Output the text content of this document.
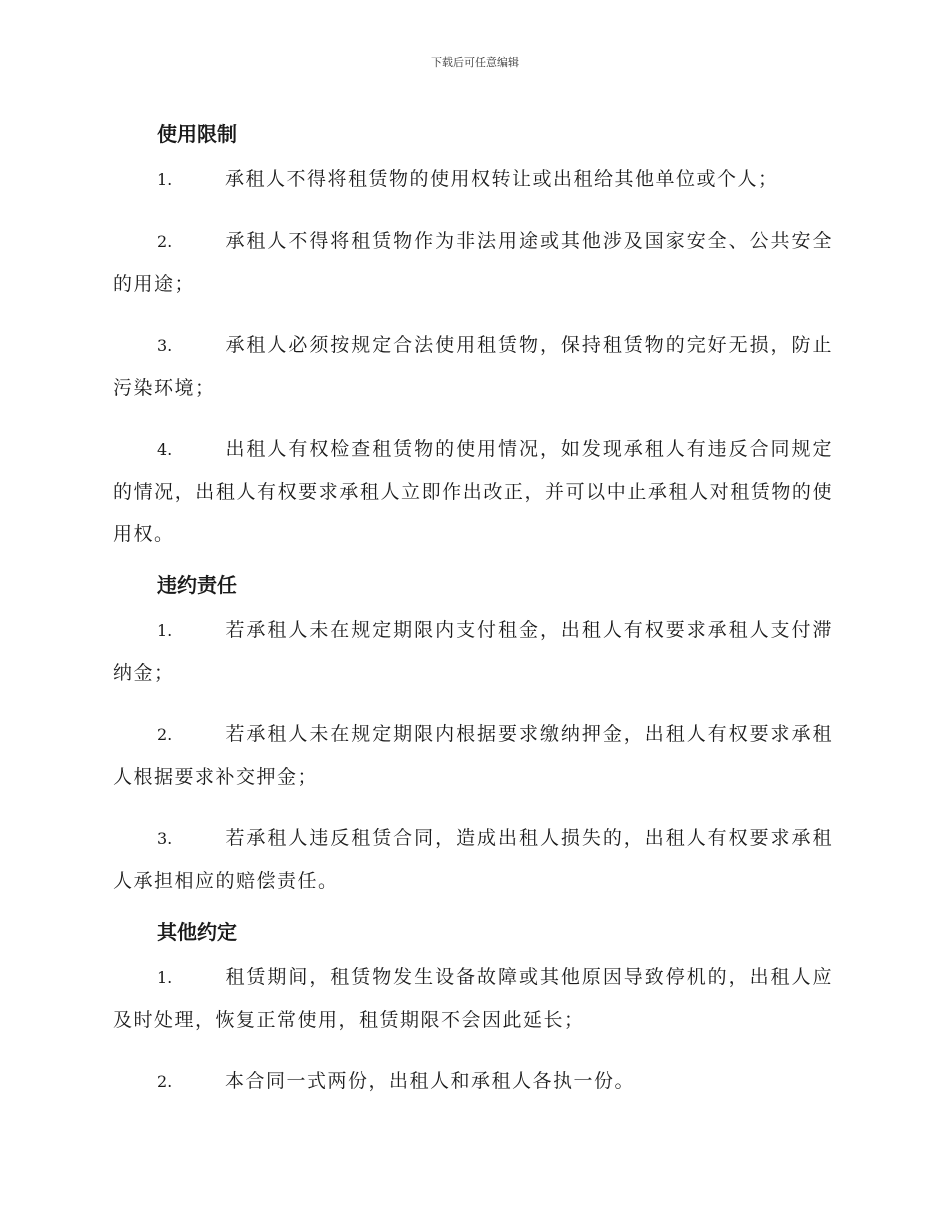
下载后可任意编辑
使用限制

1.	承租人不得将租赁物的使用权转让或出租给其他单位或个人；

2.	承租人不得将租赁物作为非法用途或其他涉及国家安全、公共安全的用途；

3.	承租人必须按规定合法使用租赁物，保持租赁物的完好无损，防止污染环境；

4.	出租人有权检查租赁物的使用情况，如发现承租人有违反合同规定的情况，出租人有权要求承租人立即作出改正，并可以中止承租人对租赁物的使用权。

违约责任

1.	若承租人未在规定期限内支付租金，出租人有权要求承租人支付滞纳金；

2.	若承租人未在规定期限内根据要求缴纳押金，出租人有权要求承租人根据要求补交押金；

3.	若承租人违反租赁合同，造成出租人损失的，出租人有权要求承租人承担相应的赔偿责任。

其他约定

1.	租赁期间，租赁物发生设备故障或其他原因导致停机的，出租人应及时处理，恢复正常使用，租赁期限不会因此延长；

2.	本合同一式两份，出租人和承租人各执一份。
